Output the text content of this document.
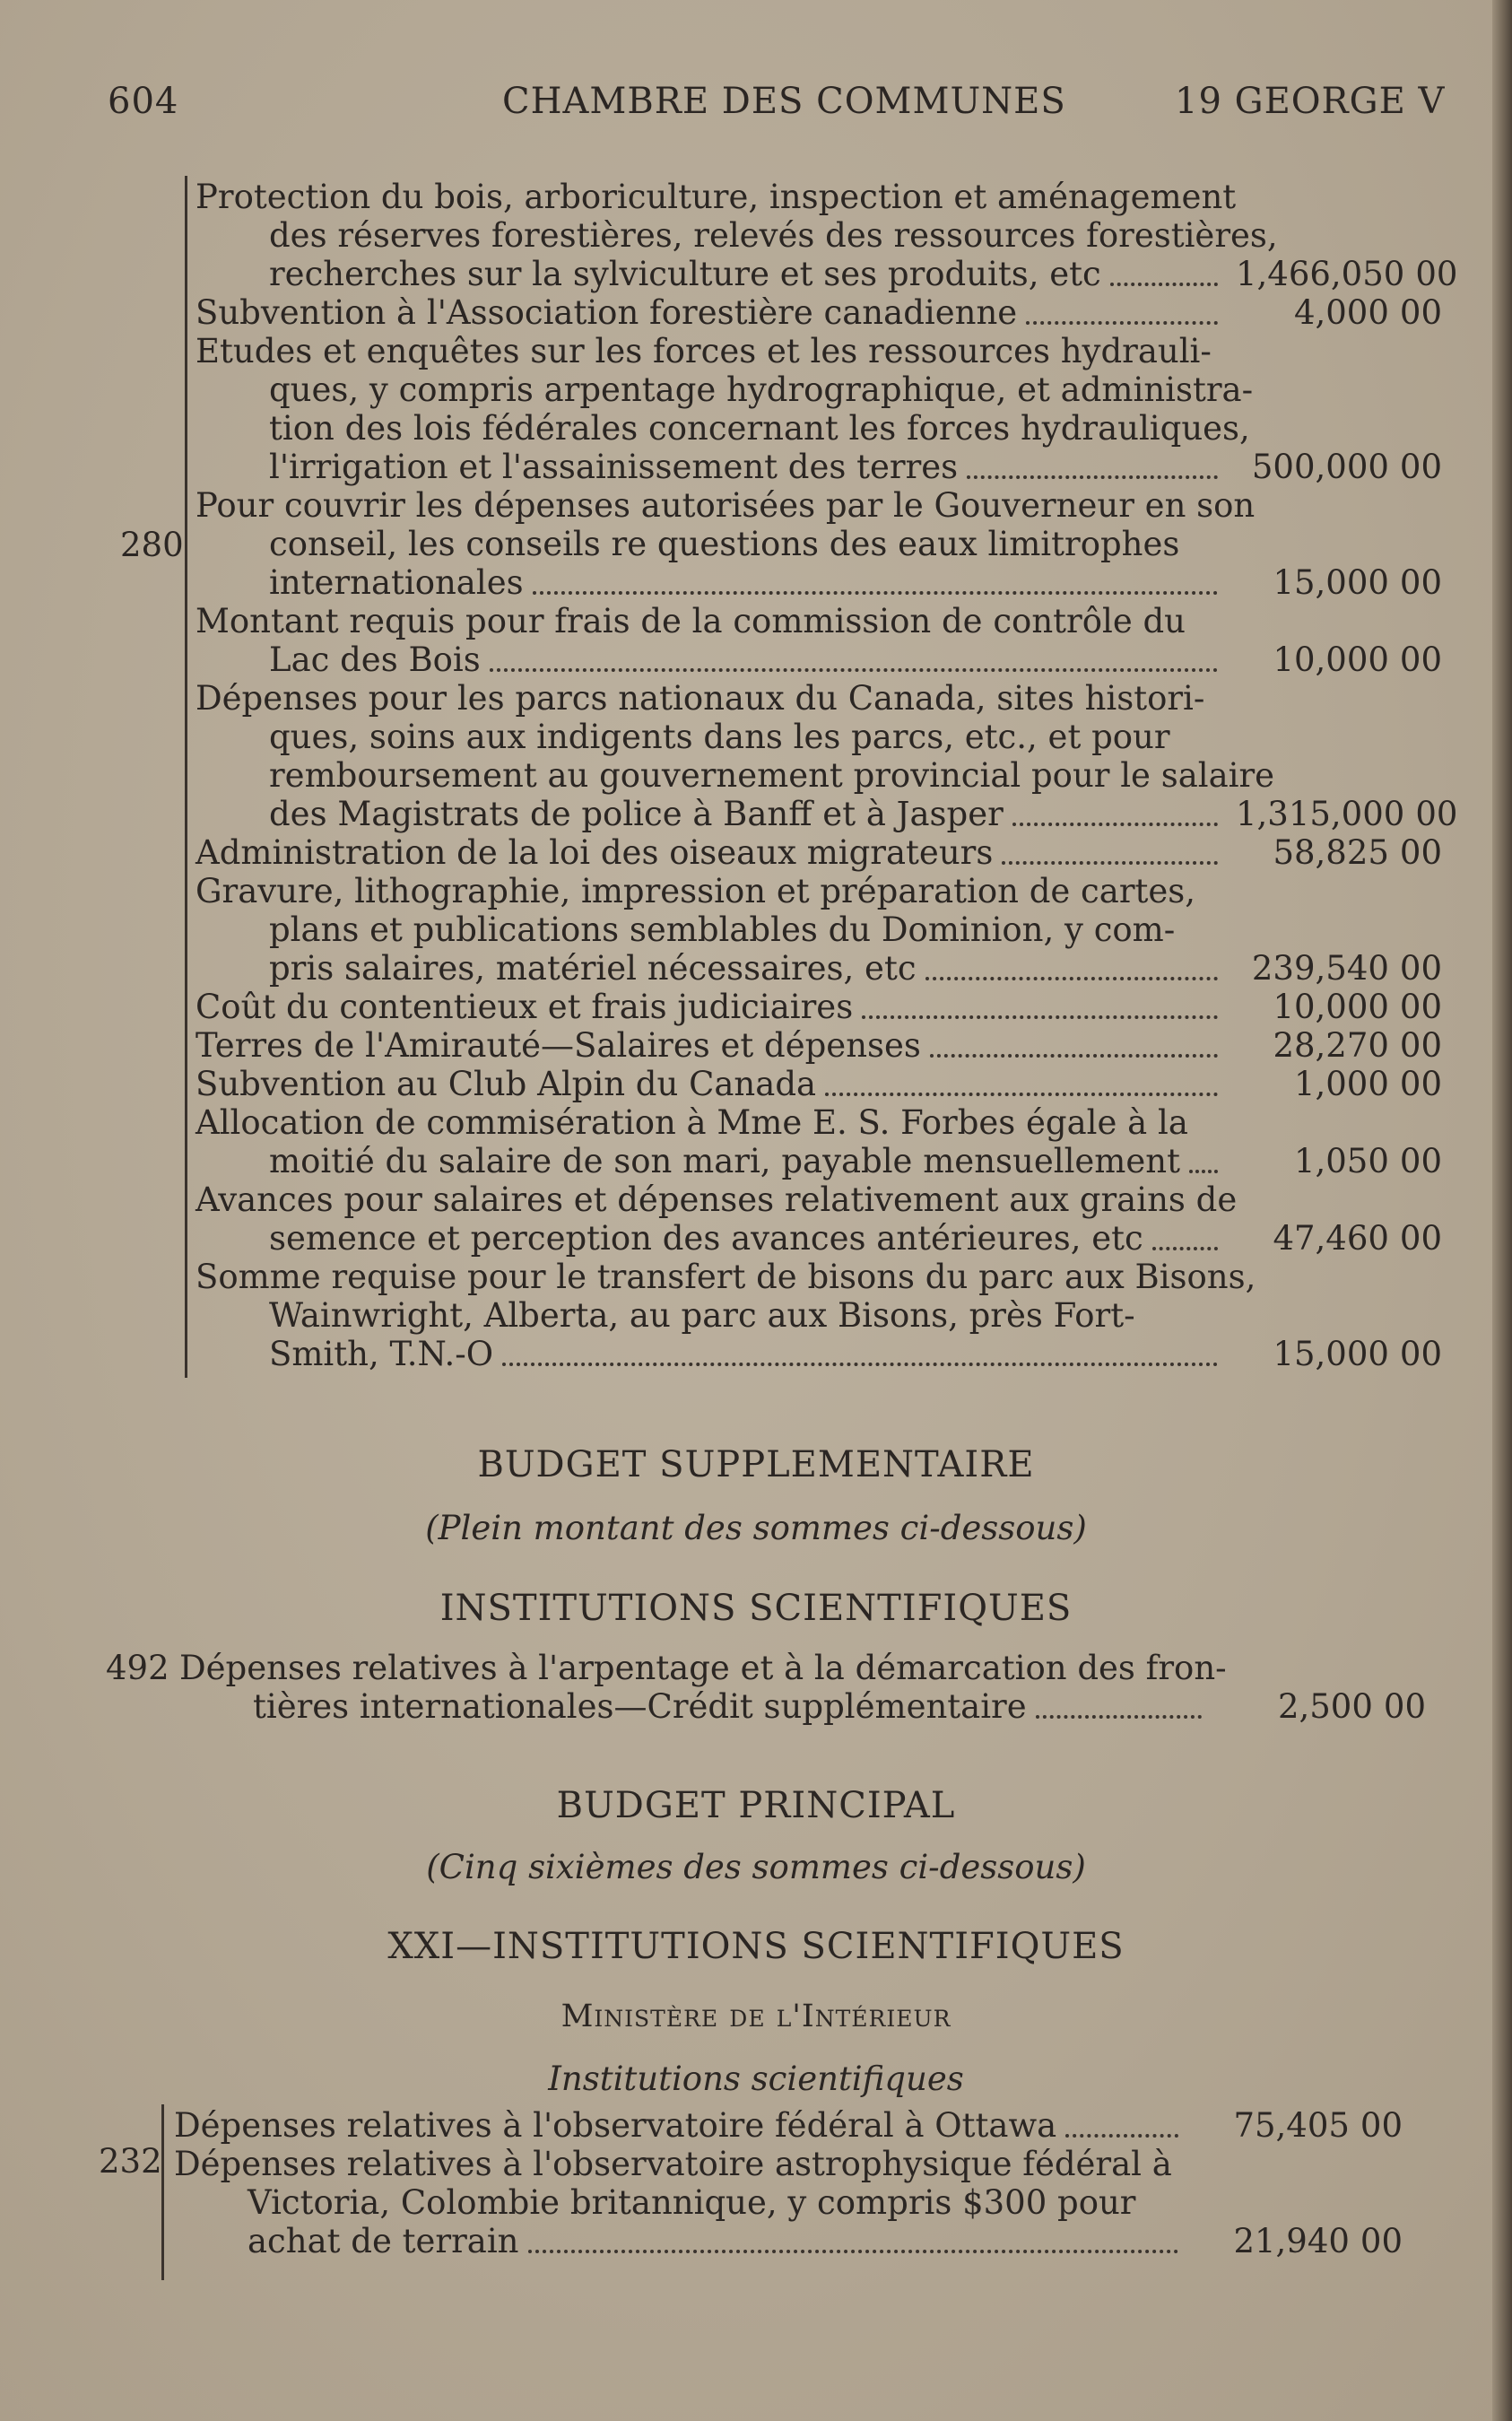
604	CHAMBRE DES COMMUNES	19 GEORGE V
280
Protection du bois, arboriculture, inspection et aménagement
des réserves forestières, relevés des ressources forestières,
recherches sur la sylviculture et ses produits, etc	1,466,050 00
Subvention à l'Association forestière canadienne	4,000 00
Etudes et enquêtes sur les forces et les ressources hydrauli-
ques, y compris arpentage hydrographique, et administra-
tion des lois fédérales concernant les forces hydrauliques,
l'irrigation et l'assainissement des terres	500,000 00
Pour couvrir les dépenses autorisées par le Gouverneur en son
conseil, les conseils re questions des eaux limitrophes
internationales	15,000 00
Montant requis pour frais de la commission de contrôle du
Lac des Bois	10,000 00
Dépenses pour les parcs nationaux du Canada, sites histori-
ques, soins aux indigents dans les parcs, etc., et pour
remboursement au gouvernement provincial pour le salaire
des Magistrats de police à Banff et à Jasper	1,315,000 00
Administration de la loi des oiseaux migrateurs	58,825 00
Gravure, lithographie, impression et préparation de cartes,
plans et publications semblables du Dominion, y com-
pris salaires, matériel nécessaires, etc	239,540 00
Coût du contentieux et frais judiciaires	10,000 00
Terres de l'Amirauté—Salaires et dépenses	28,270 00
Subvention au Club Alpin du Canada	1,000 00
Allocation de commisération à Mme E. S. Forbes égale à la
moitié du salaire de son mari, payable mensuellement	1,050 00
Avances pour salaires et dépenses relativement aux grains de
semence et perception des avances antérieures, etc	47,460 00
Somme requise pour le transfert de bisons du parc aux Bisons,
Wainwright, Alberta, au parc aux Bisons, près Fort-
Smith, T.N.-O	15,000 00
BUDGET SUPPLEMENTAIRE
(Plein montant des sommes ci-dessous)
INSTITUTIONS SCIENTIFIQUES
492 Dépenses relatives à l'arpentage et à la démarcation des fron-
tières internationales—Crédit supplémentaire	2,500 00
BUDGET PRINCIPAL
(Cinq sixièmes des sommes ci-dessous)
XXI—INSTITUTIONS SCIENTIFIQUES
Ministère de l'Intérieur
Institutions scientifiques
232
Dépenses relatives à l'observatoire fédéral à Ottawa	75,405 00
Dépenses relatives à l'observatoire astrophysique fédéral à
Victoria, Colombie britannique, y compris $300 pour
achat de terrain	21,940 00
